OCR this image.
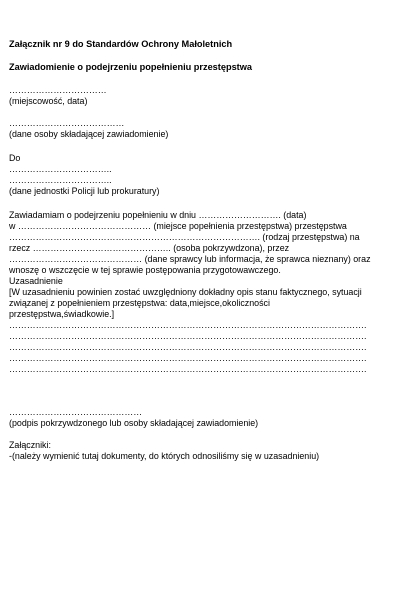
Załącznik nr 9 do Standardów Ochrony Małoletnich
Zawiadomienie o podejrzeniu popełnieniu przestępstwa
……………………………
(miejscowość, data)
…………………………………
(dane osoby składającej zawiadomienie)
Do
……………………………..
……………………………..
(dane jednostki Policji lub prokuratury)
Zawiadamiam o podejrzeniu popełnieniu w dniu ………………………. (data)
w ……………………………………… (miejsce popełnienia przestępstwa) przestępstwa
…………………………………………………………………………. (rodzaj przestępstwa) na
rzecz ……………………………………….. (osoba pokrzywdzona), przez
……………………………………… (dane sprawcy lub informacja, że sprawca nieznany) oraz
wnoszę o wszczęcie w tej sprawie postępowania przygotowawczego.
Uzasadnienie
[W uzasadnieniu powinien zostać uwzględniony dokładny opis stanu faktycznego, sytuacji
związanej z popełnieniem przestępstwa: data,miejsce,okoliczności
przestępstwa,świadkowie.]
………………………………………………………………………………………………………….
………………………………………………………………………………………………………….
………………………………………………………………………………………………………….
………………………………………………………………………………………………………….
………………………………………………………………………………………………………….
………………………………………
(podpis pokrzywdzonego lub osoby składającej zawiadomienie)
Załączniki:
-(należy wymienić tutaj dokumenty, do których odnosiliśmy się w uzasadnieniu)
